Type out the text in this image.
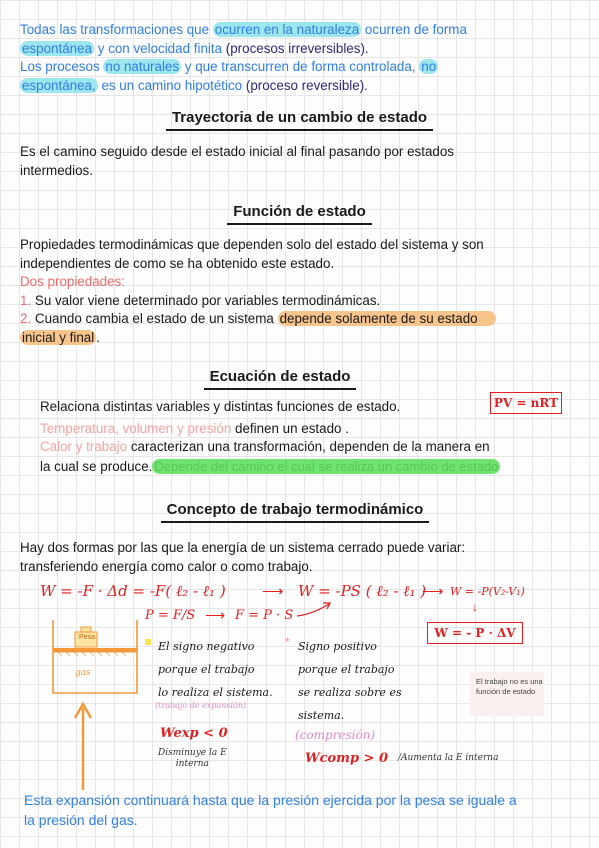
Todas las transformaciones que ocurren en la naturaleza ocurren de forma

espontánea y con velocidad finita (procesos irreversibles).

Los procesos no naturales y que transcurren de forma controlada, no

espontánea, es un camino hipotético (proceso reversible).

Trayectoria de un cambio de estado

Es el camino seguido desde el estado inicial al final pasando por estados

intermedios.

Función de estado

Propiedades termodinámicas que dependen solo del estado del sistema y son

independientes de como se ha obtenido este estado.

Dos propiedades:

1. Su valor viene determinado por variables termodinámicas.

2. Cuando cambia el estado de un sistema depende solamente de su estado

inicial y final .

Ecuación de estado
PV = nRT

Relaciona distintas variables y distintas funciones de estado.

Temperatura, volumen y presión definen un estado .

Calor y trabajo caracterizan una transformación, dependen de la manera en

la cual se produce. Depende del camino el cual se realiza un cambio de estado

Concepto de trabajo termodinámico

Hay dos formas por las que la energía de un sistema cerrado puede variar:

transferiendo energía como calor o como trabajo.

W = -F · Δd = -F( ℓ₂ - ℓ₁ ) ⟶ W = -PS ( ℓ₂ - ℓ₁ )
⟶ W = -P(V₂-V₁)
↓
P = F/S ⟶ F = P · S
W = - P · ΔV
Pesa
gas
El signo negativo
porque el trabajo
lo realiza el sistema.
(trabajo de expansión)
Wexp < 0
Disminuye la E
interna
* Signo positivo
porque el trabajo
se realiza sobre es
sistema.
(compresión)
Wcomp > 0 /Aumenta la E interna
El trabajo no es una función de estado

Esta expansión continuará hasta que la presión ejercida por la pesa se iguale a

la presión del gas.
